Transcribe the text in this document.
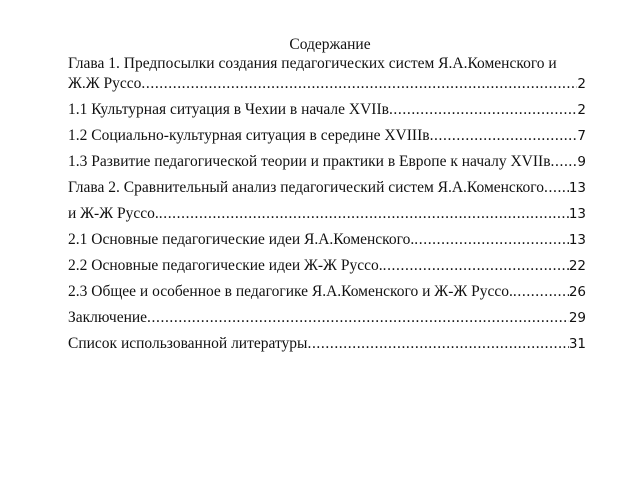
Содержание
Глава 1. Предпосылки создания педагогических систем Я.А.Коменского и
Ж.Ж Руссо .....	2
1.1 Культурная ситуация в Чехии в начале XVIIв .....	2
1.2 Социально-культурная ситуация в середине XVIIIв .....	7
1.3 Развитие педагогической теории и практики в Европе к началу XVIIв ..... 9
Глава 2. Сравнительный анализ педагогический систем Я.А.Коменского ..... 13
и Ж-Ж Руссо. .....	13
2.1 Основные педагогические идеи Я.А.Коменского. .....	13
2.2 Основные педагогические идеи Ж-Ж Руссо. .....	22
2.3 Общее и особенное в педагогике Я.А.Коменского и Ж-Ж Руссо. .....	26
Заключение .....	29
Список использованной литературы .....	31
